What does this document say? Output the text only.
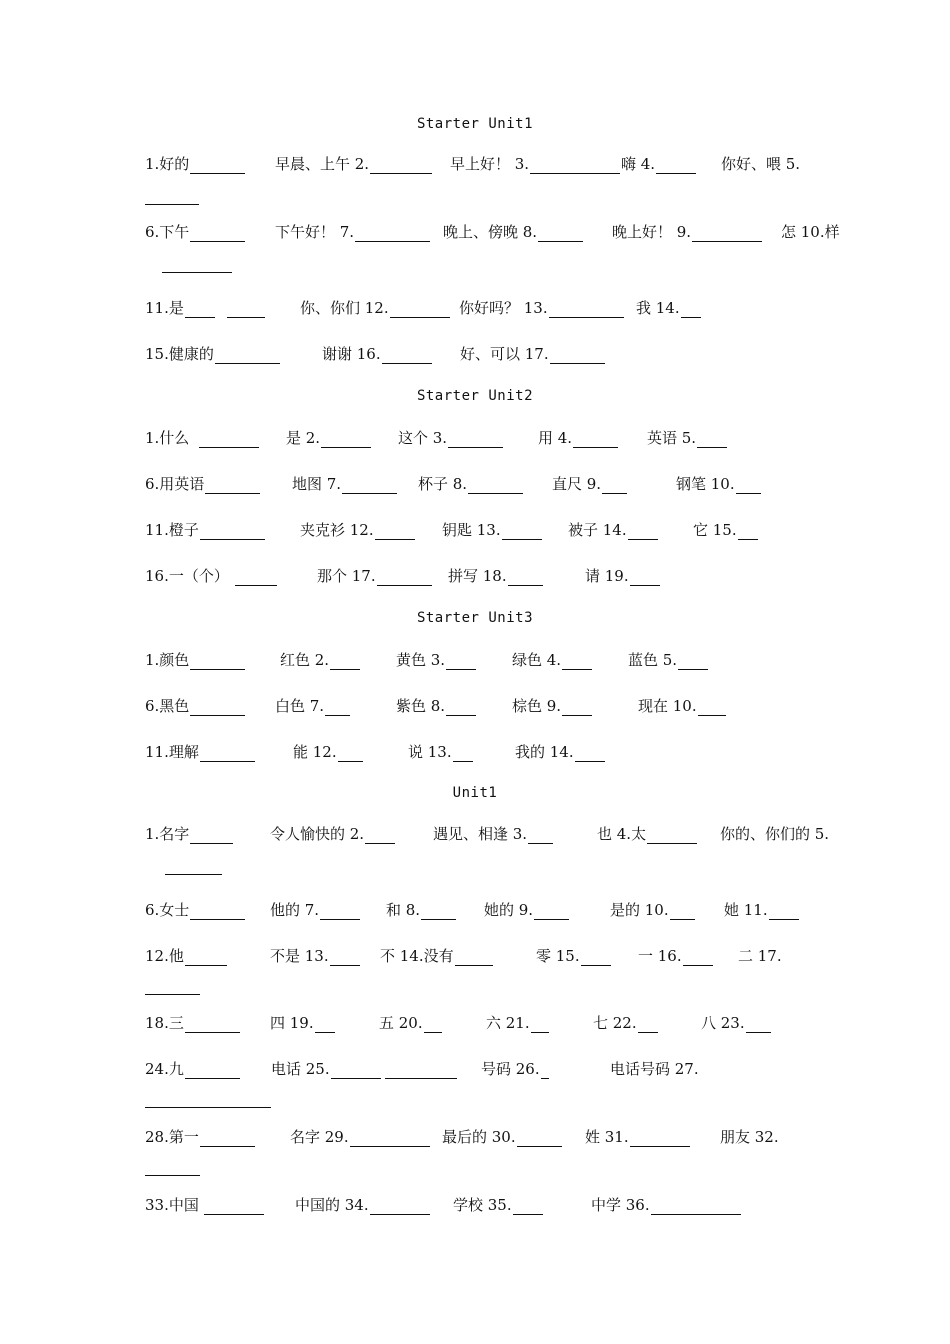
Starter Unit1
1.好的	早晨、上午 2.	早上好！ 3.	嗨 4.	你好、喂 5.
6.下午	下午好！ 7.	晚上、傍晚 8.	晚上好！ 9.	怎 10.样
11.是	你、你们 12.	你好吗？ 13.	我 14.
15.健康的	谢谢 16.	好、可以 17.
Starter Unit2
1.什么	是 2.	这个 3.	用 4.	英语 5.
6.用英语	地图 7.	杯子 8.	直尺 9.	钢笔 10.
11.橙子	夹克衫 12.	钥匙 13.	被子 14.	它 15.
16.一（个）	那个 17.	拼写 18.	请 19.
Starter Unit3
1.颜色	红色 2.	黄色 3.	绿色 4.	蓝色 5.
6.黑色	白色 7.	紫色 8.	棕色 9.	现在 10.
11.理解	能 12.	说 13.	我的 14.
Unit1
1.名字	令人愉快的 2.	遇见、相逢 3.	也 4.太	你的、你们的 5.
6.女士	他的 7.	和 8.	她的 9.	是的 10.	她 11.
12.他	不是 13.	不 14.没有	零 15.	一 16.	二 17.
18.三	四 19.	五 20.	六 21.	七 22.	八 23.
24.九	电话 25.	号码 26.	电话号码 27.
28.第一	名字 29.	最后的 30.	姓 31.	朋友 32.
33.中国	中国的 34.	学校 35.	中学 36.
